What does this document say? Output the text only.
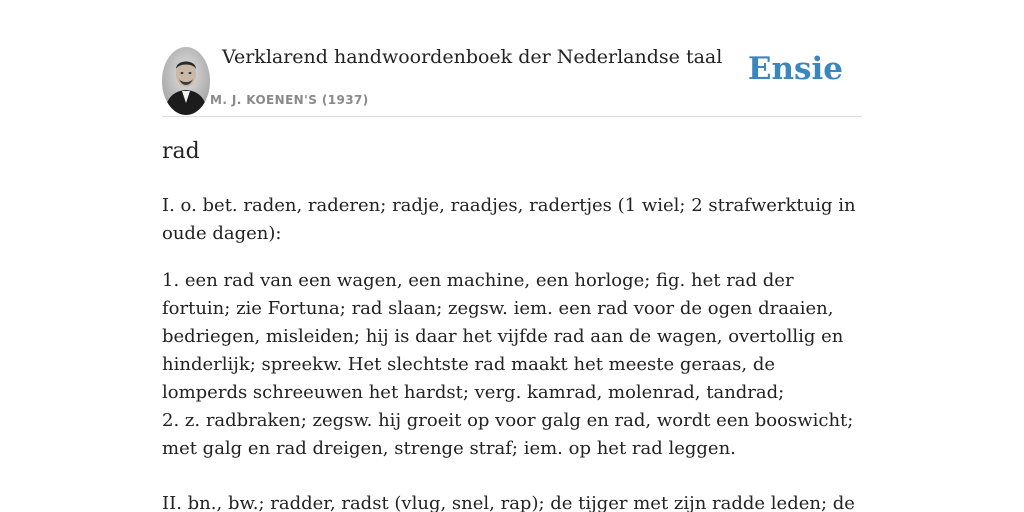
Verklarend handwoordenboek der Nederlandse taal
M. J. KOENEN'S (1937)
Ensie
rad

I. o. bet. raden, raderen; radje, raadjes, radertjes (1 wiel; 2 strafwerktuig in oude dagen):

1. een rad van een wagen, een machine, een horloge; fig. het rad der fortuin; zie Fortuna; rad slaan; zegsw. iem. een rad voor de ogen draaien, bedriegen, misleiden; hij is daar het vijfde rad aan de wagen, overtollig en hinderlijk; spreekw. Het slechtste rad maakt het meeste geraas, de lomperds schreeuwen het hardst; verg. kamrad, molenrad, tandrad;
2. z. radbraken; zegsw. hij groeit op voor galg en rad, wordt een booswicht; met galg en rad dreigen, strenge straf; iem. op het rad leggen.

II. bn., bw.; radder, radst (vlug, snel, rap); de tijger met zijn radde leden; de
